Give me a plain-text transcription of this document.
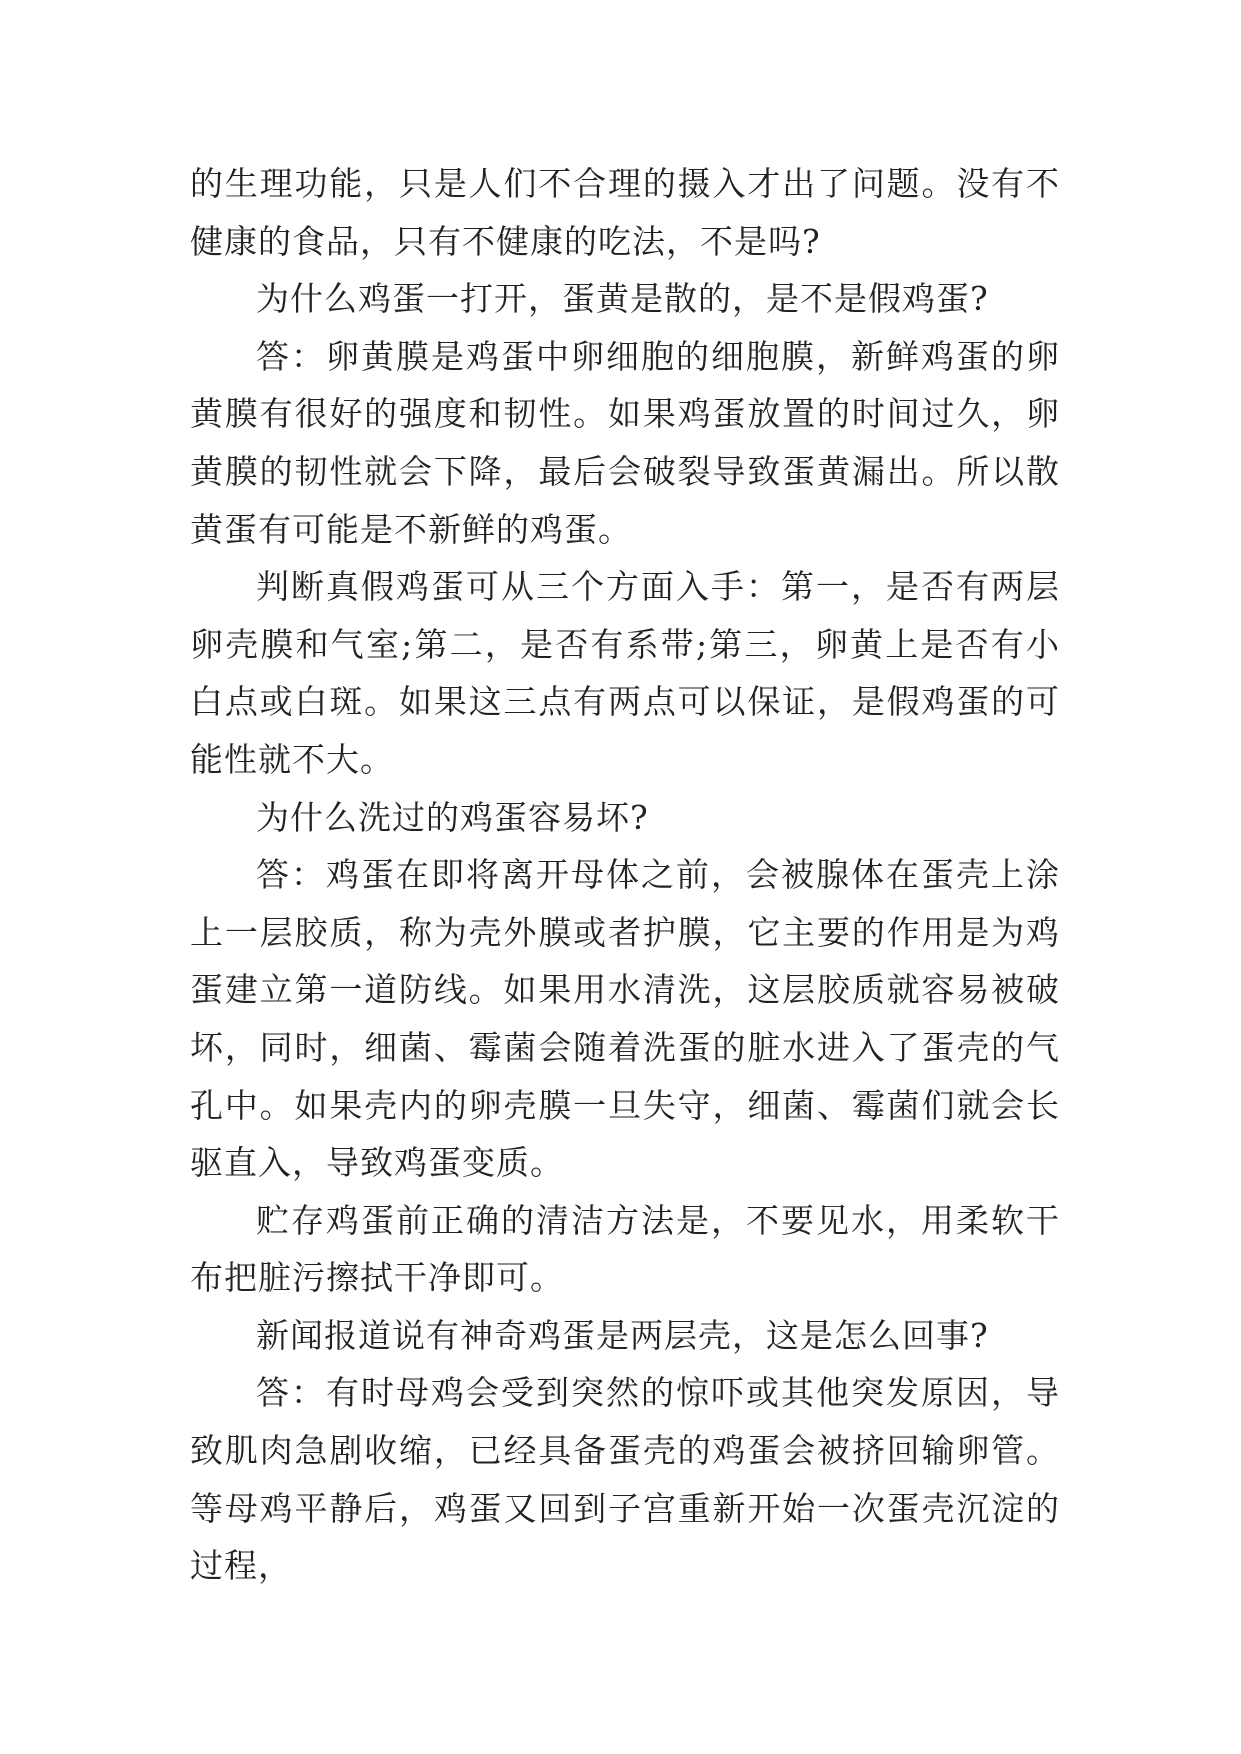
的生理功能，只是人们不合理的摄入才出了问题。没有不健康的食品，只有不健康的吃法，不是吗?

为什么鸡蛋一打开，蛋黄是散的，是不是假鸡蛋?

答：卵黄膜是鸡蛋中卵细胞的细胞膜，新鲜鸡蛋的卵黄膜有很好的强度和韧性。如果鸡蛋放置的时间过久，卵黄膜的韧性就会下降，最后会破裂导致蛋黄漏出。所以散黄蛋有可能是不新鲜的鸡蛋。

判断真假鸡蛋可从三个方面入手：第一，是否有两层卵壳膜和气室;第二，是否有系带;第三，卵黄上是否有小白点或白斑。如果这三点有两点可以保证，是假鸡蛋的可能性就不大。

为什么洗过的鸡蛋容易坏?

答：鸡蛋在即将离开母体之前，会被腺体在蛋壳上涂上一层胶质，称为壳外膜或者护膜，它主要的作用是为鸡蛋建立第一道防线。如果用水清洗，这层胶质就容易被破坏，同时，细菌、霉菌会随着洗蛋的脏水进入了蛋壳的气孔中。如果壳内的卵壳膜一旦失守，细菌、霉菌们就会长驱直入，导致鸡蛋变质。

贮存鸡蛋前正确的清洁方法是，不要见水，用柔软干布把脏污擦拭干净即可。

新闻报道说有神奇鸡蛋是两层壳，这是怎么回事?

答：有时母鸡会受到突然的惊吓或其他突发原因，导致肌肉急剧收缩，已经具备蛋壳的鸡蛋会被挤回输卵管。等母鸡平静后，鸡蛋又回到子宫重新开始一次蛋壳沉淀的过程，
